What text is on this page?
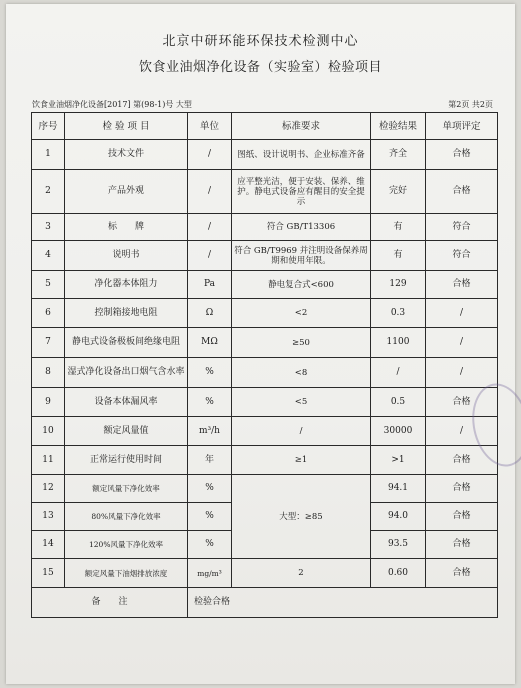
北京中研环能环保技术检测中心
饮食业油烟净化设备（实验室）检验项目
饮食业油烟净化设备[2017] 第(98-1)号 大型	第2页 共2页
序号	检 验 项 目	单位	标准要求	检验结果	单项评定
1	技术文件	/	图纸、设计说明书、企业标准齐备	齐全	合格
2	产品外观	/	应平整光洁，便于安装、保养、维护。静电式设备应有醒目的安全提示	完好	合格
3	标　　牌	/	符合 GB/T13306	有	符合
4	说明书	/	符合 GB/T9969 并注明设备保养周期和使用年限。	有	符合
5	净化器本体阻力	Pa	静电复合式<600	129	合格
6	控制箱接地电阻	Ω	<2	0.3	/
7	静电式设备极板间绝缘电阻	MΩ	≥50	1100	/
8	湿式净化设备出口烟气含水率	%	<8	/	/
9	设备本体漏风率	%	<5	0.5	合格
10	额定风量值	m³/h	/	30000	/
11	正常运行使用时间	年	≥1	>1	合格
12	额定风量下净化效率	%	大型：≥85	94.1	合格
13	80%风量下净化效率	%		94.0	合格
14	120%风量下净化效率	%		93.5	合格
15	额定风量下油烟排放浓度	mg/m³	2	0.60	合格
备　　注		检验合格			
